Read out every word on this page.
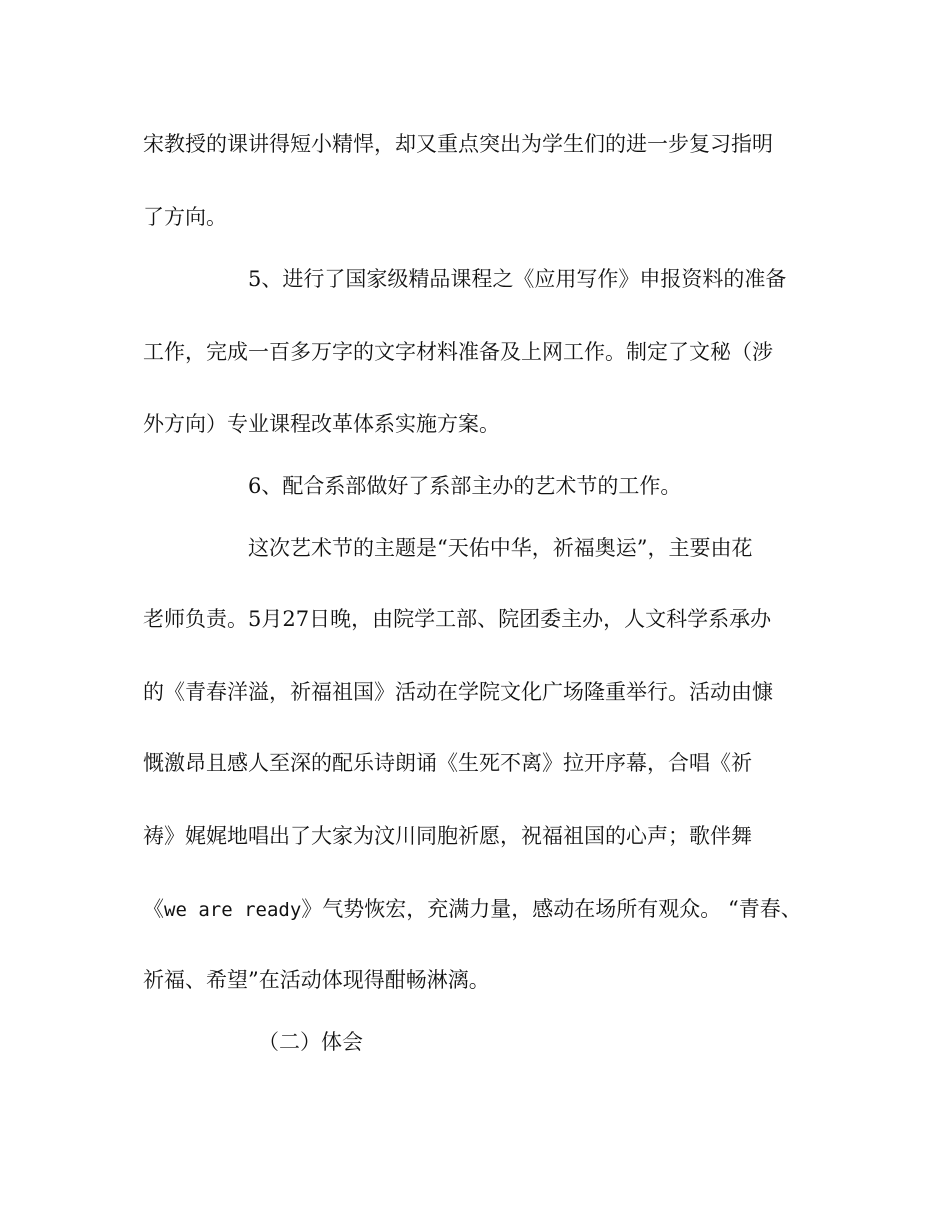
宋教授的课讲得短小精悍，却又重点突出为学生们的进一步复习指明
了方向。
5、进行了国家级精品课程之《应用写作》申报资料的准备
工作，完成一百多万字的文字材料准备及上网工作。制定了文秘（涉
外方向）专业课程改革体系实施方案。
6、配合系部做好了系部主办的艺术节的工作。
这次艺术节的主题是“天佑中华，祈福奥运”，主要由花
老师负责。5月27日晚，由院学工部、院团委主办，人文科学系承办
的《青春洋溢，祈福祖国》活动在学院文化广场隆重举行。活动由慷
慨激昂且感人至深的配乐诗朗诵《生死不离》拉开序幕，合唱《祈
祷》娓娓地唱出了大家为汶川同胞祈愿，祝福祖国的心声；歌伴舞
《we are ready》气势恢宏，充满力量，感动在场所有观众。 “青春、
祈福、希望”在活动体现得酣畅淋漓。
（二）体会
